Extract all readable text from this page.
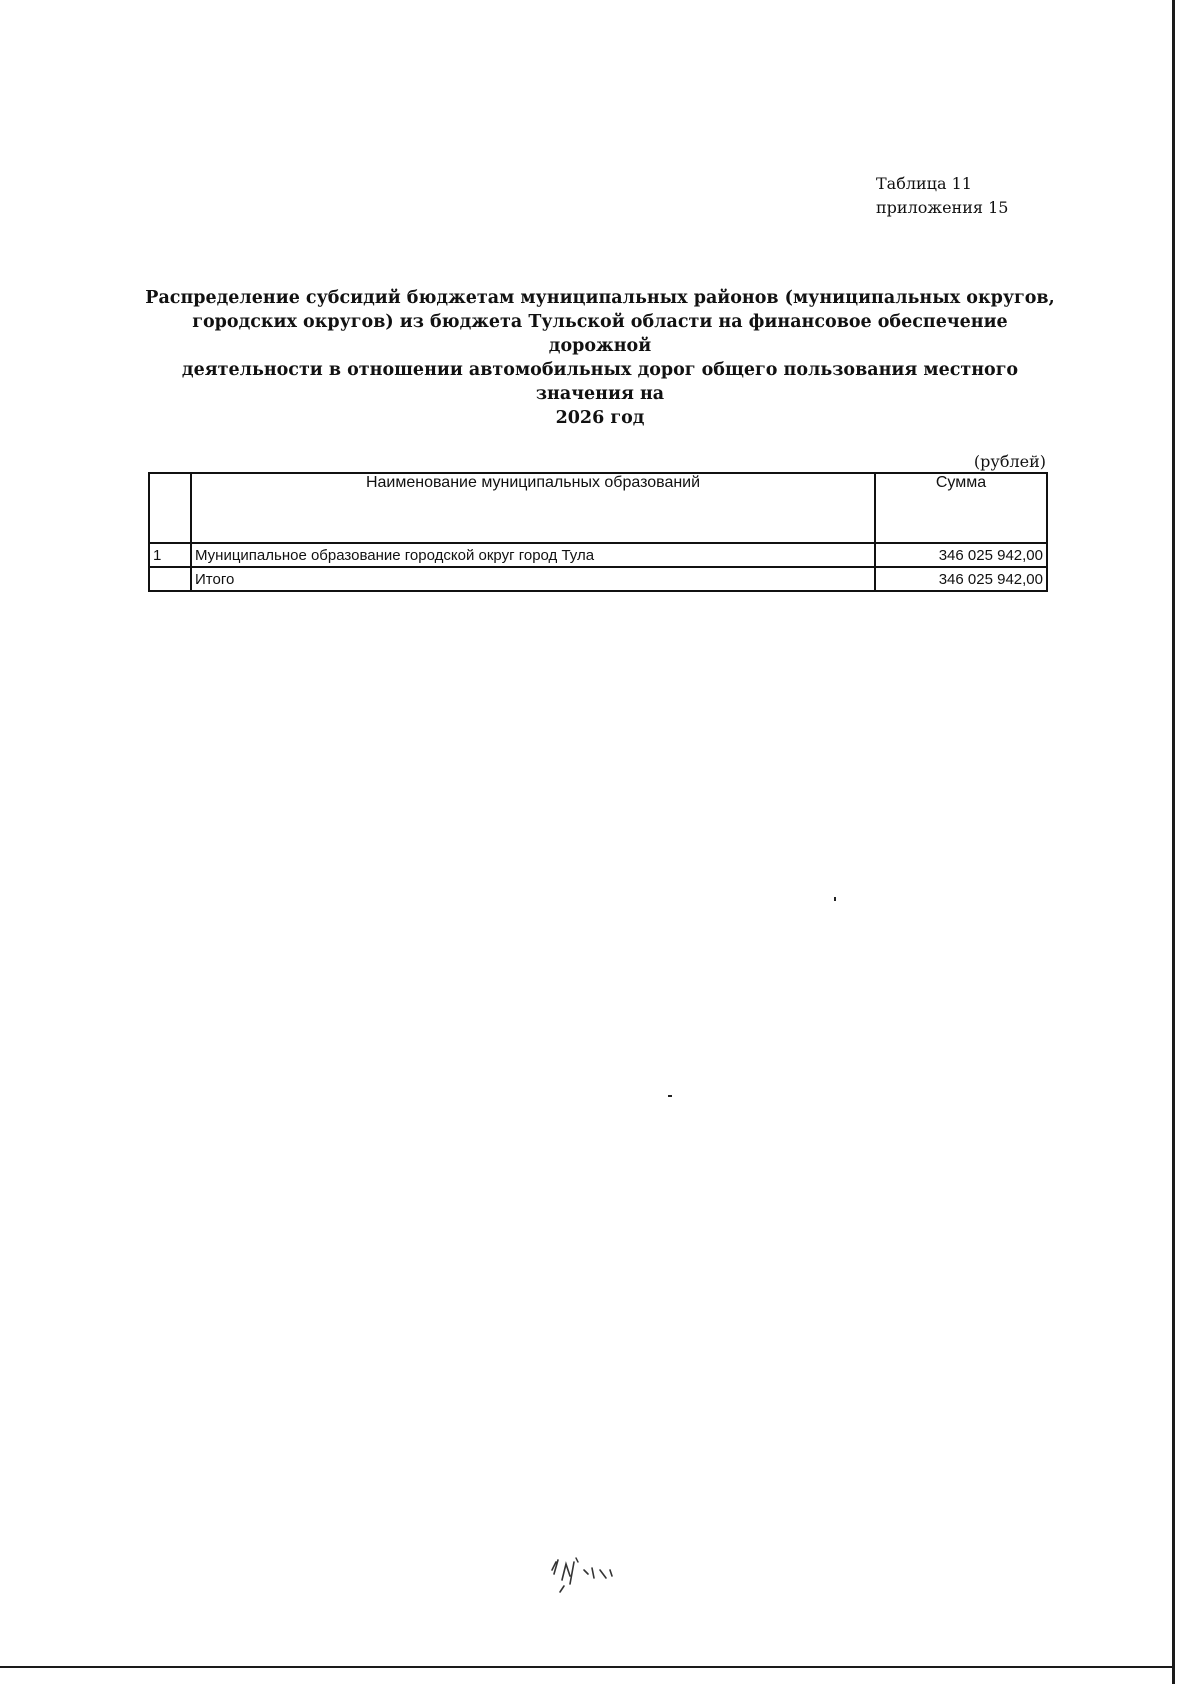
Таблица 11
приложения 15
Распределение субсидий бюджетам муниципальных районов (муниципальных округов,
городских округов) из бюджета Тульской области на финансовое обеспечение дорожной
деятельности в отношении автомобильных дорог общего пользования местного значения на
2026 год
(рублей)
	Наименование муниципальных образований	Сумма
1	Муниципальное образование городской округ город Тула	346 025 942,00
	Итого	346 025 942,00
